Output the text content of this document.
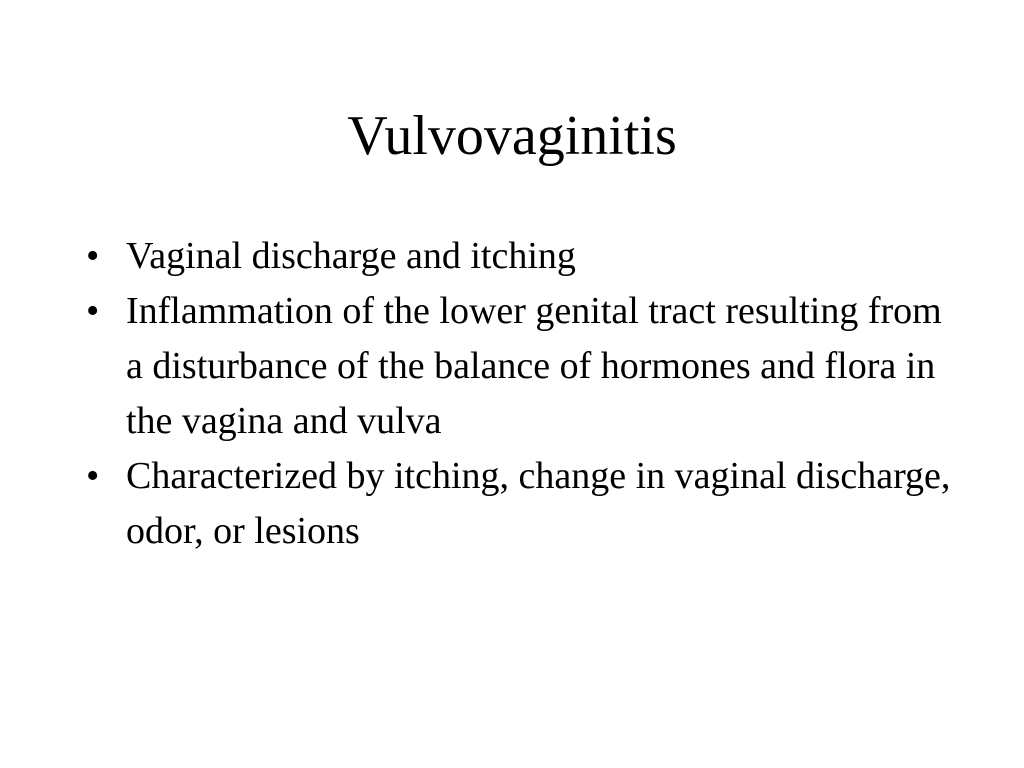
Vulvovaginitis
• Vaginal discharge and itching
• Inflammation of the lower genital tract resulting from a disturbance of the balance of hormones and flora in the vagina and vulva
• Characterized by itching, change in vaginal discharge, odor, or lesions
